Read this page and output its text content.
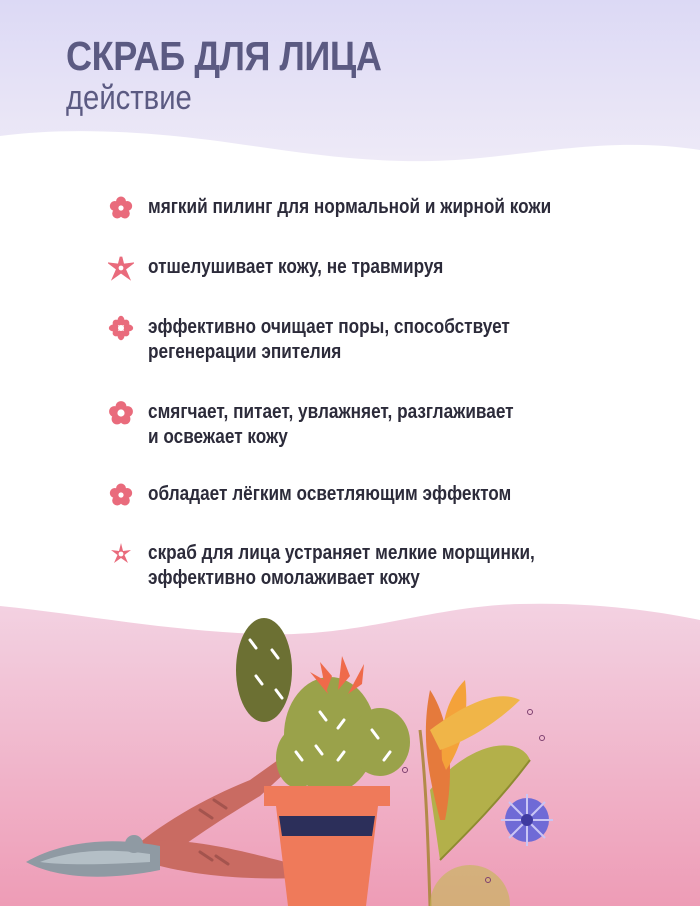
СКРАБ ДЛЯ ЛИЦА
действие
мягкий пилинг для нормальной и жирной кожи
отшелушивает кожу, не травмируя
эффективно очищает поры, способствует
регенерации эпителия
смягчает, питает, увлажняет, разглаживает
и освежает кожу
обладает лёгким осветляющим эффектом
скраб для лица устраняет мелкие морщинки,
эффективно омолаживает кожу
